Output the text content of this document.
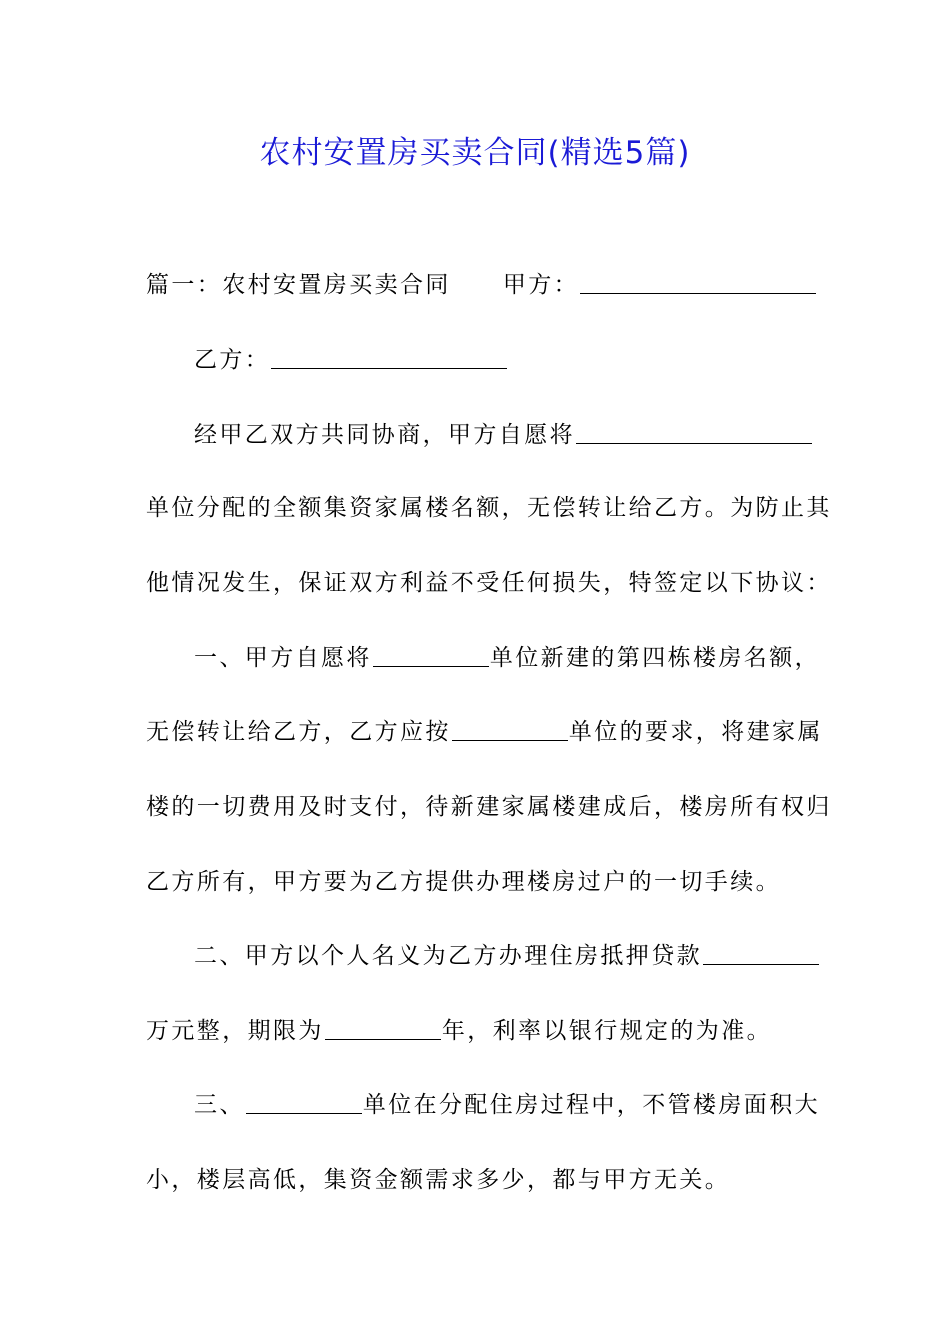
农村安置房买卖合同(精选5篇)
篇一：农村安置房买卖合同 甲方：
乙方：
经甲乙双方共同协商，甲方自愿将
单位分配的全额集资家属楼名额，无偿转让给乙方。为防止其
他情况发生，保证双方利益不受任何损失，特签定以下协议：
一、甲方自愿将	单位新建的第四栋楼房名额，
无偿转让给乙方，乙方应按	单位的要求，将建家属
楼的一切费用及时支付，待新建家属楼建成后，楼房所有权归
乙方所有，甲方要为乙方提供办理楼房过户的一切手续。
二、甲方以个人名义为乙方办理住房抵押贷款
万元整，期限为	年，利率以银行规定的为准。
三、	单位在分配住房过程中，不管楼房面积大
小，楼层高低，集资金额需求多少，都与甲方无关。
